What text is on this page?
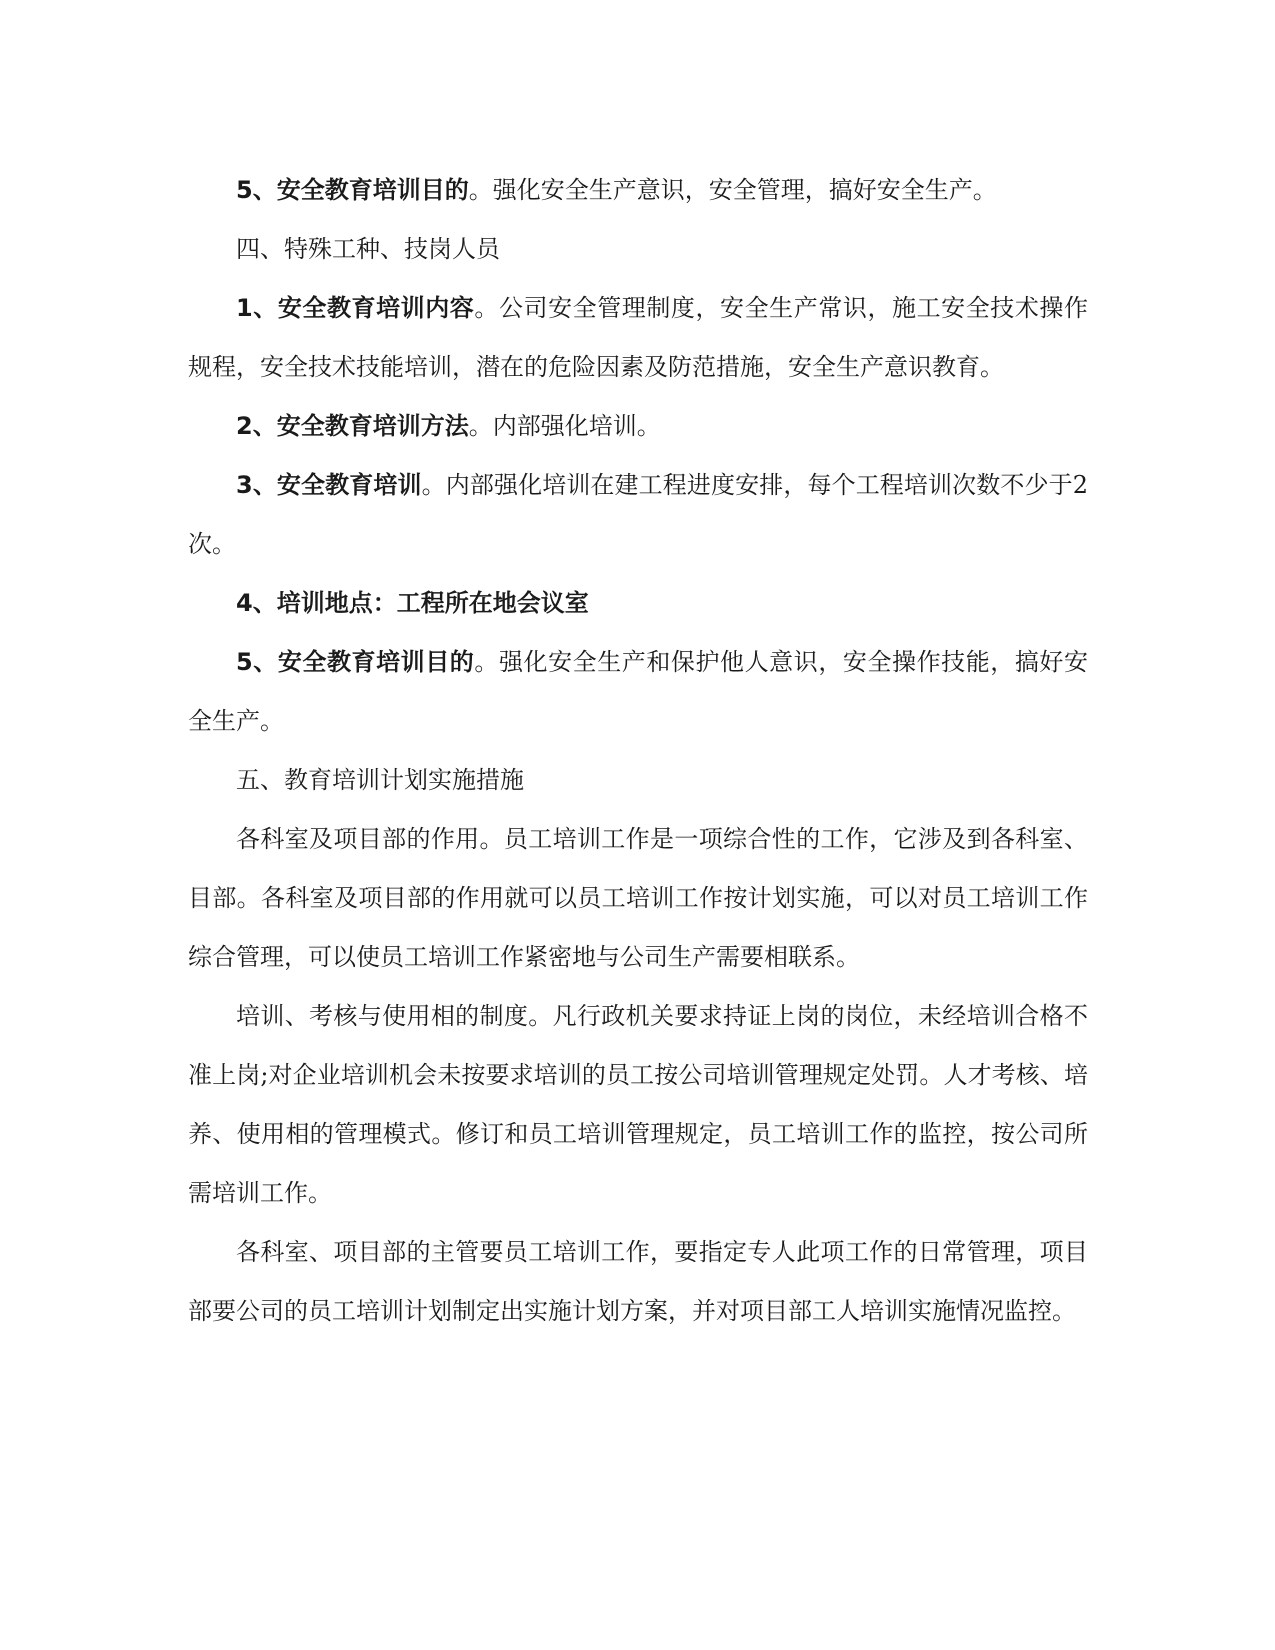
5、安全教育培训目的。强化安全生产意识，安全管理，搞好安全生产。

四、特殊工种、技岗人员

1、安全教育培训内容。公司安全管理制度，安全生产常识，施工安全技术操作规程，安全技术技能培训，潜在的危险因素及防范措施，安全生产意识教育。

2、安全教育培训方法。内部强化培训。

3、安全教育培训。内部强化培训在建工程进度安排，每个工程培训次数不少于2次。

4、培训地点：工程所在地会议室

5、安全教育培训目的。强化安全生产和保护他人意识，安全操作技能，搞好安全生产。

五、教育培训计划实施措施

各科室及项目部的作用。员工培训工作是一项综合性的工作，它涉及到各科室、目部。各科室及项目部的作用就可以员工培训工作按计划实施，可以对员工培训工作综合管理，可以使员工培训工作紧密地与公司生产需要相联系。

培训、考核与使用相的制度。凡行政机关要求持证上岗的岗位，未经培训合格不准上岗;对企业培训机会未按要求培训的员工按公司培训管理规定处罚。人才考核、培养、使用相的管理模式。修订和员工培训管理规定，员工培训工作的监控，按公司所需培训工作。

各科室、项目部的主管要员工培训工作，要指定专人此项工作的日常管理，项目部要公司的员工培训计划制定出实施计划方案，并对项目部工人培训实施情况监控。
